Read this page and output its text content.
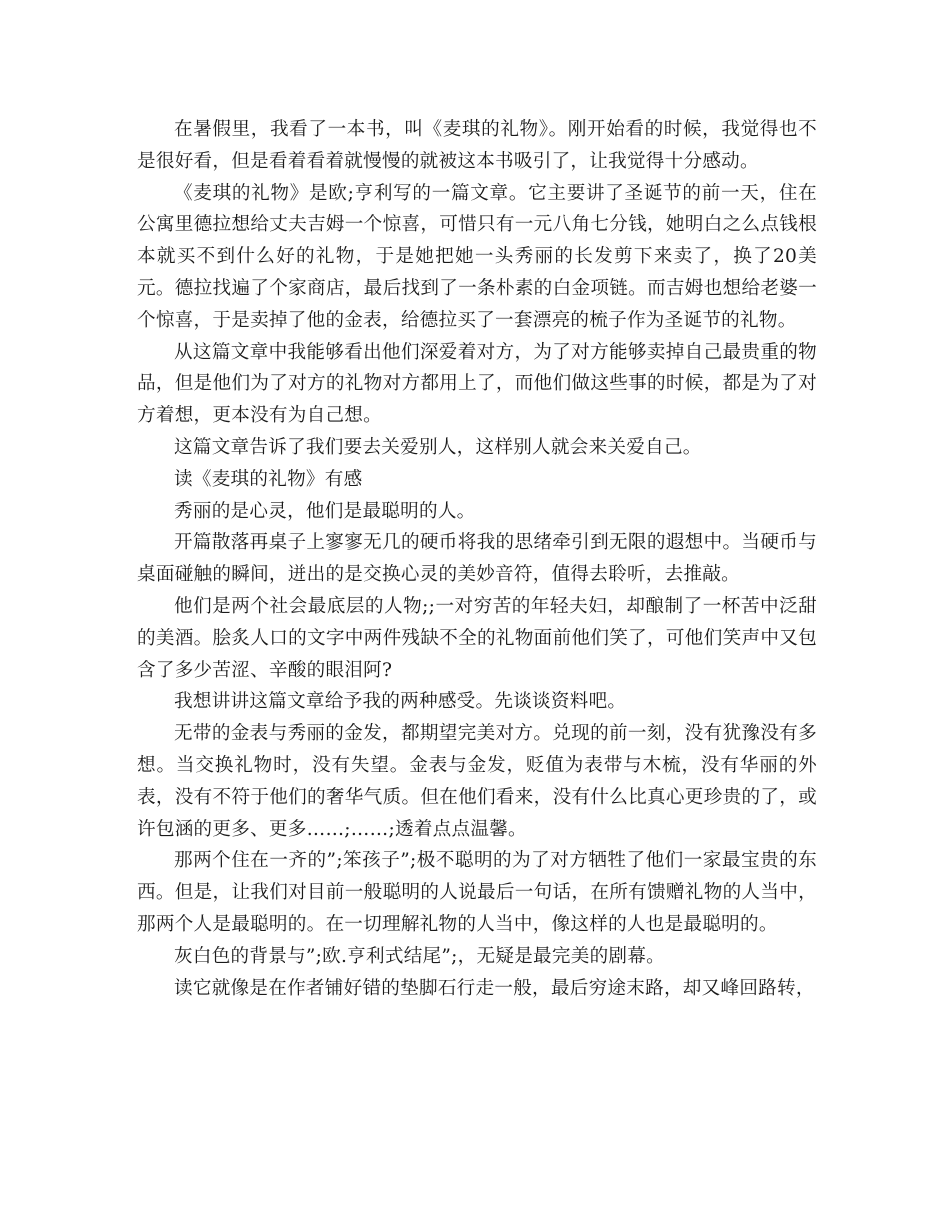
在暑假里，我看了一本书，叫《麦琪的礼物》。刚开始看的时候，我觉得也不是很好看，但是看着看着就慢慢的就被这本书吸引了，让我觉得十分感动。

《麦琪的礼物》是欧;亨利写的一篇文章。它主要讲了圣诞节的前一天，住在公寓里德拉想给丈夫吉姆一个惊喜，可惜只有一元八角七分钱，她明白之么点钱根本就买不到什么好的礼物，于是她把她一头秀丽的长发剪下来卖了，换了20美元。德拉找遍了个家商店，最后找到了一条朴素的白金项链。而吉姆也想给老婆一个惊喜，于是卖掉了他的金表，给德拉买了一套漂亮的梳子作为圣诞节的礼物。

从这篇文章中我能够看出他们深爱着对方，为了对方能够卖掉自己最贵重的物品，但是他们为了对方的礼物对方都用上了，而他们做这些事的时候，都是为了对方着想，更本没有为自己想。

这篇文章告诉了我们要去关爱别人，这样别人就会来关爱自己。

读《麦琪的礼物》有感

秀丽的是心灵，他们是最聪明的人。

开篇散落再桌子上寥寥无几的硬币将我的思绪牵引到无限的遐想中。当硬币与桌面碰触的瞬间，迸出的是交换心灵的美妙音符，值得去聆听，去推敲。

他们是两个社会最底层的人物;;一对穷苦的年轻夫妇，却酿制了一杯苦中泛甜的美酒。脍炙人口的文字中两件残缺不全的礼物面前他们笑了，可他们笑声中又包含了多少苦涩、辛酸的眼泪阿?

我想讲讲这篇文章给予我的两种感受。先谈谈资料吧。

无带的金表与秀丽的金发，都期望完美对方。兑现的前一刻，没有犹豫没有多想。当交换礼物时，没有失望。金表与金发，贬值为表带与木梳，没有华丽的外表，没有不符于他们的奢华气质。但在他们看来，没有什么比真心更珍贵的了，或许包涵的更多、更多……;……;透着点点温馨。

那两个住在一齐的”;笨孩子”;极不聪明的为了对方牺牲了他们一家最宝贵的东西。但是，让我们对目前一般聪明的人说最后一句话，在所有馈赠礼物的人当中，那两个人是最聪明的。在一切理解礼物的人当中，像这样的人也是最聪明的。

灰白色的背景与”;欧.亨利式结尾”;，无疑是最完美的剧幕。

读它就像是在作者铺好错的垫脚石行走一般，最后穷途末路，却又峰回路转，
